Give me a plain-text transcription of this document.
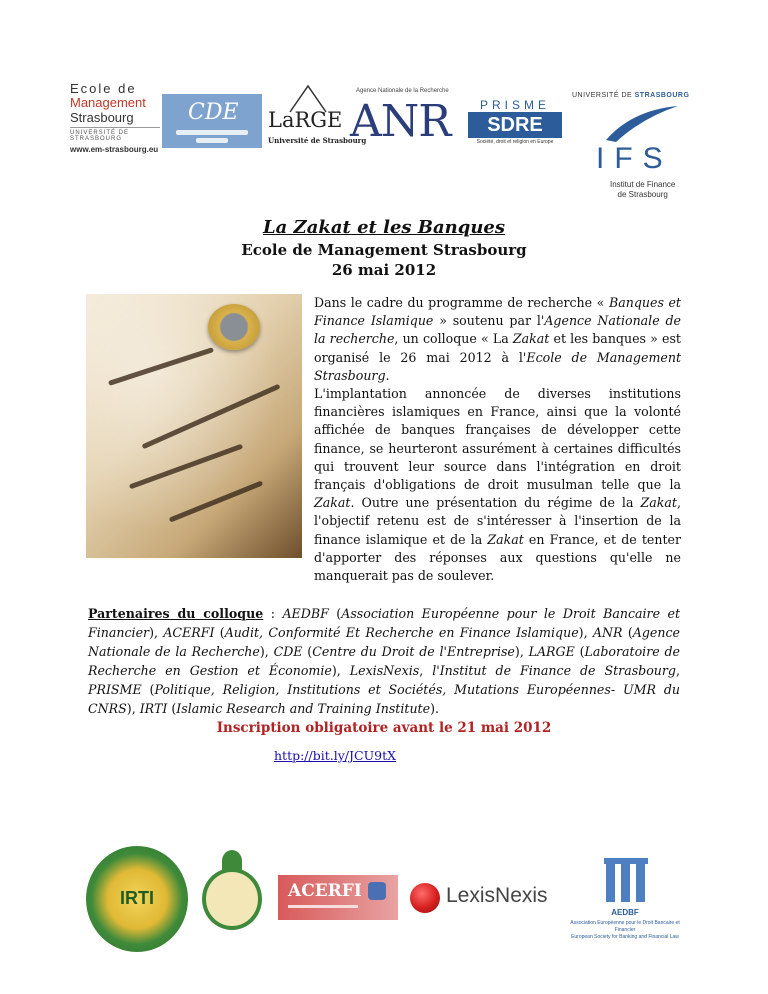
Ecole de
Management
Strasbourg
UNIVERSITÉ DE STRASBOURG
www.em-strasbourg.eu
CDE LaRGE
Université de Strasbourg
Agence Nationale de la Recherche
ANR	PRISME
SDRE
Société, droit et religion en Europe
UNIVERSITÉ DE STRASBOURG
IFS
Institut de Finance
de Strasbourg
La Zakat et les Banques
Ecole de Management Strasbourg
26 mai 2012
Dans le cadre du programme de recherche « Banques et Finance Islamique » soutenu par l'Agence Nationale de la recherche, un colloque « La Zakat et les banques » est organisé le 26 mai 2012 à l'Ecole de Management Strasbourg.
L'implantation annoncée de diverses institutions financières islamiques en France, ainsi que la volonté affichée de banques françaises de développer cette finance, se heurteront assurément à certaines difficultés qui trouvent leur source dans l'intégration en droit français d'obligations de droit musulman telle que la Zakat. Outre une présentation du régime de la Zakat, l'objectif retenu est de s'intéresser à l'insertion de la finance islamique et de la Zakat en France, et de tenter d'apporter des réponses aux questions qu'elle ne manquerait pas de soulever.
Partenaires du colloque : AEDBF (Association Européenne pour le Droit Bancaire et Financier), ACERFI (Audit, Conformité Et Recherche en Finance Islamique), ANR (Agence Nationale de la Recherche), CDE (Centre du Droit de l'Entreprise), LARGE (Laboratoire de Recherche en Gestion et Économie), LexisNexis, l'Institut de Finance de Strasbourg, PRISME (Politique, Religion, Institutions et Sociétés, Mutations Européennes- UMR du CNRS), IRTI (Islamic Research and Training Institute).
Inscription obligatoire avant le 21 mai 2012
http://bit.ly/JCU9tX
IRTI	ACERFI	LexisNexis
AEDBF
Association Européenne pour le Droit Bancaire et Financier
European Society for Banking and Financial Law
